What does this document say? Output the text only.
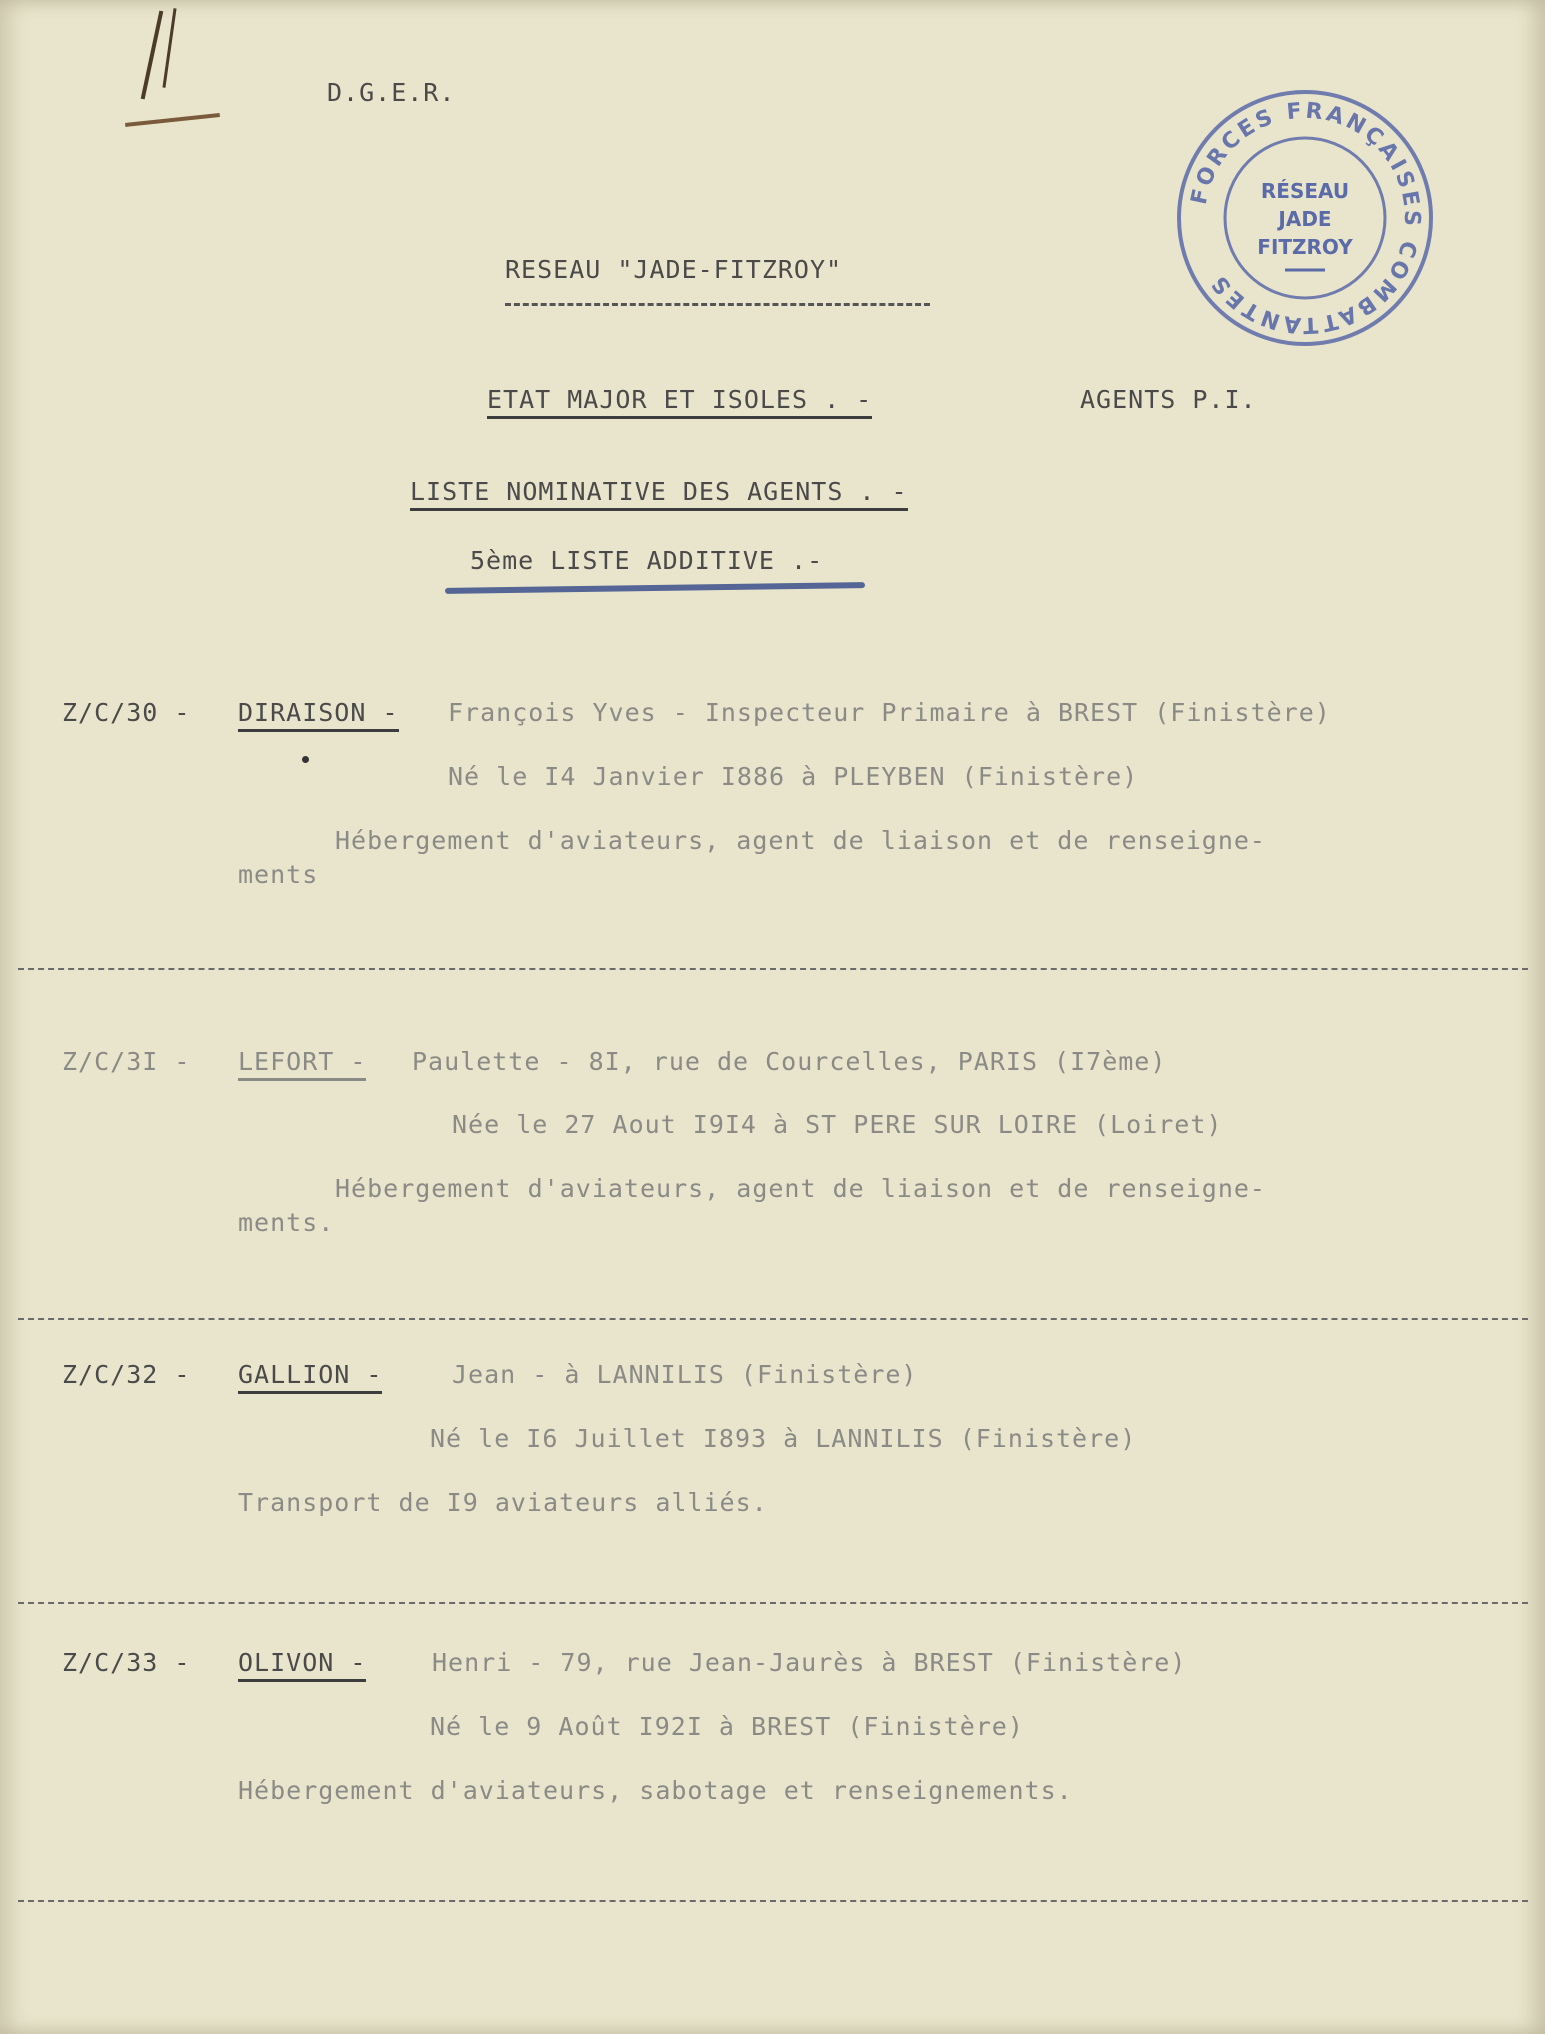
D.G.E.R.
FORCES FRANÇAISES COMBATTANTES
RÉSEAU
JADE
FITZROY
RESEAU "JADE-FITZROY"
ETAT MAJOR ET ISOLES . -	AGENTS P.I.
LISTE NOMINATIVE DES AGENTS . -
5ème LISTE ADDITIVE .-
Z/C/30 - DIRAISON - François Yves - Inspecteur Primaire à BREST (Finistère)
Né le I4 Janvier I886 à PLEYBEN (Finistère)
Hébergement d'aviateurs, agent de liaison et de renseigne-
ments
Z/C/3I - LEFORT - Paulette - 8I, rue de Courcelles, PARIS (I7ème)
Née le 27 Aout I9I4 à ST PERE SUR LOIRE (Loiret)
Hébergement d'aviateurs, agent de liaison et de renseigne-
ments.
Z/C/32 - GALLION -	Jean - à LANNILIS (Finistère)
Né le I6 Juillet I893 à LANNILIS (Finistère)
Transport de I9 aviateurs alliés.
Z/C/33 - OLIVON -	Henri - 79, rue Jean-Jaurès à BREST (Finistère)
Né le 9 Août I92I à BREST (Finistère)
Hébergement d'aviateurs, sabotage et renseignements.
